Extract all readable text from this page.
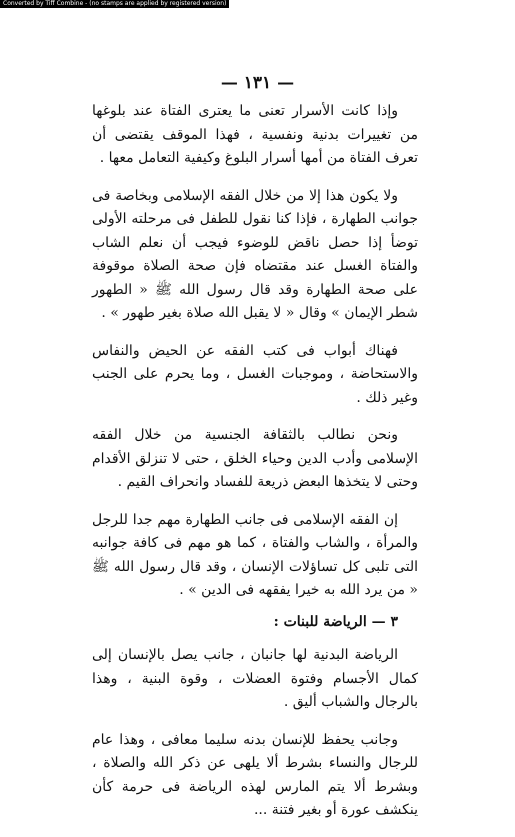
Converted by Tiff Combine - (no stamps are applied by registered version)
— ١٣١ —

وإذا كانت الأسرار تعنى ما يعترى الفتاة عند بلوغها من تغييرات بدنية ونفسية ، فهذا الموقف يقتضى أن تعرف الفتاة من أمها أسرار البلوغ وكيفية التعامل معها .

ولا يكون هذا إلا من خلال الفقه الإسلامى وبخاصة فى جوانب الطهارة ، فإذا كنا نقول للطفل فى مرحلته الأولى توضأ إذا حصل ناقض للوضوء فيجب أن نعلم الشاب والفتاة الغسل عند مقتضاه فإن صحة الصلاة موقوفة على صحة الطهارة وقد قال رسول الله ﷺ « الطهور شطر الإيمان » وقال « لا يقبل الله صلاة بغير طهور » .

فهناك أبواب فى كتب الفقه عن الحيض والنفاس والاستحاضة ، وموجبات الغسل ، وما يحرم على الجنب وغير ذلك .

ونحن نطالب بالثقافة الجنسية من خلال الفقه الإسلامى وأدب الدين وحياء الخلق ، حتى لا تنزلق الأقدام وحتى لا يتخذها البعض ذريعة للفساد وانحراف القيم .

إن الفقه الإسلامى فى جانب الطهارة مهم جدا للرجل والمرأة ، والشاب والفتاة ، كما هو مهم فى كافة جوانبه التى تلبى كل تساؤلات الإنسان ، وقد قال رسول الله ﷺ « من يرد الله به خيرا يفقهه فى الدين » .

٣ — الرياضة للبنات :

الرياضة البدنية لها جانبان ، جانب يصل بالإنسان إلى كمال الأجسام وفتوة العضلات ، وقوة البنية ، وهذا بالرجال والشباب أليق .

وجانب يحفظ للإنسان بدنه سليما معافى ، وهذا عام للرجال والنساء بشرط ألا يلهى عن ذكر الله والصلاة ، وبشرط ألا يتم المارس لهذه الرياضة فى حرمة كأن ينكشف عورة أو بغير فتنة ...
